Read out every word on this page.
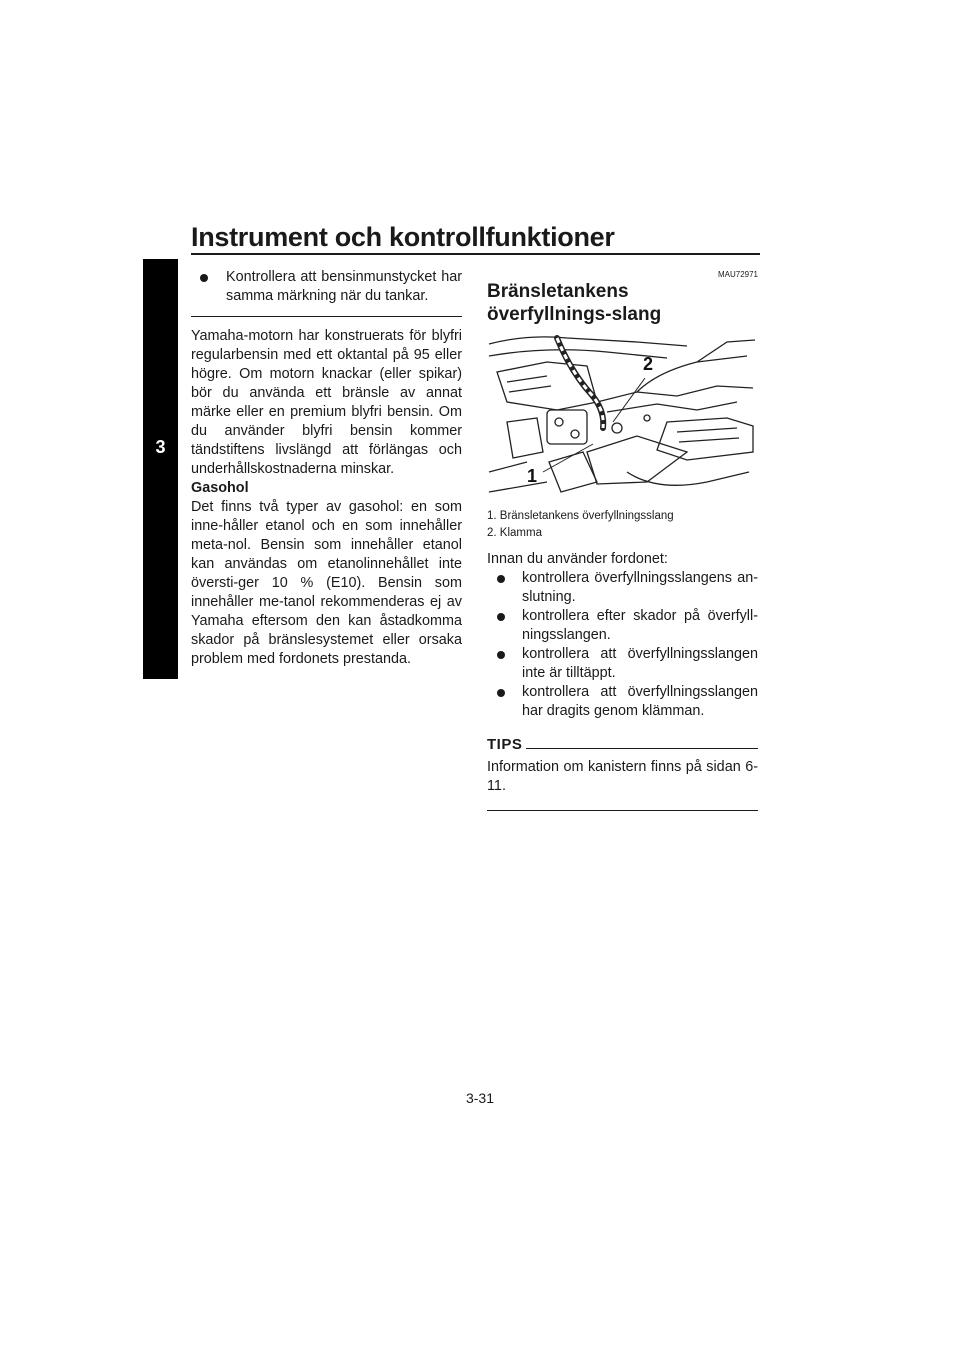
Instrument och kontrollfunktioner
3
Kontrollera att bensinmunstycket har samma märkning när du tankar.

Yamaha-motorn har konstruerats för blyfri regularbensin med ett oktantal på 95 eller högre. Om motorn knackar (eller spikar) bör du använda ett bränsle av annat märke eller en premium blyfri bensin. Om du använder blyfri bensin kommer tändstiftens livslängd att förlängas och underhållskostnaderna minskar.

Gasohol

Det finns två typer av gasohol: en som inne-håller etanol och en som innehåller meta-nol. Bensin som innehåller etanol kan användas om etanolinnehållet inte översti-ger 10 % (E10). Bensin som innehåller me-tanol rekommenderas ej av Yamaha eftersom den kan åstadkomma skador på bränslesystemet eller orsaka problem med fordonets prestanda.

MAU72971
Bränsletankens överfyllnings-slang
1
2
1. Bränsletankens överfyllningsslang
2. Klamma

Innan du använder fordonet:

kontrollera överfyllningsslangens an-slutning.
kontrollera efter skador på överfyll-ningsslangen.
kontrollera att överfyllningsslangen inte är tilltäppt.
kontrollera att överfyllningsslangen har dragits genom klämman.
TIPS

Information om kanistern finns på sidan 6-11.

3-31
